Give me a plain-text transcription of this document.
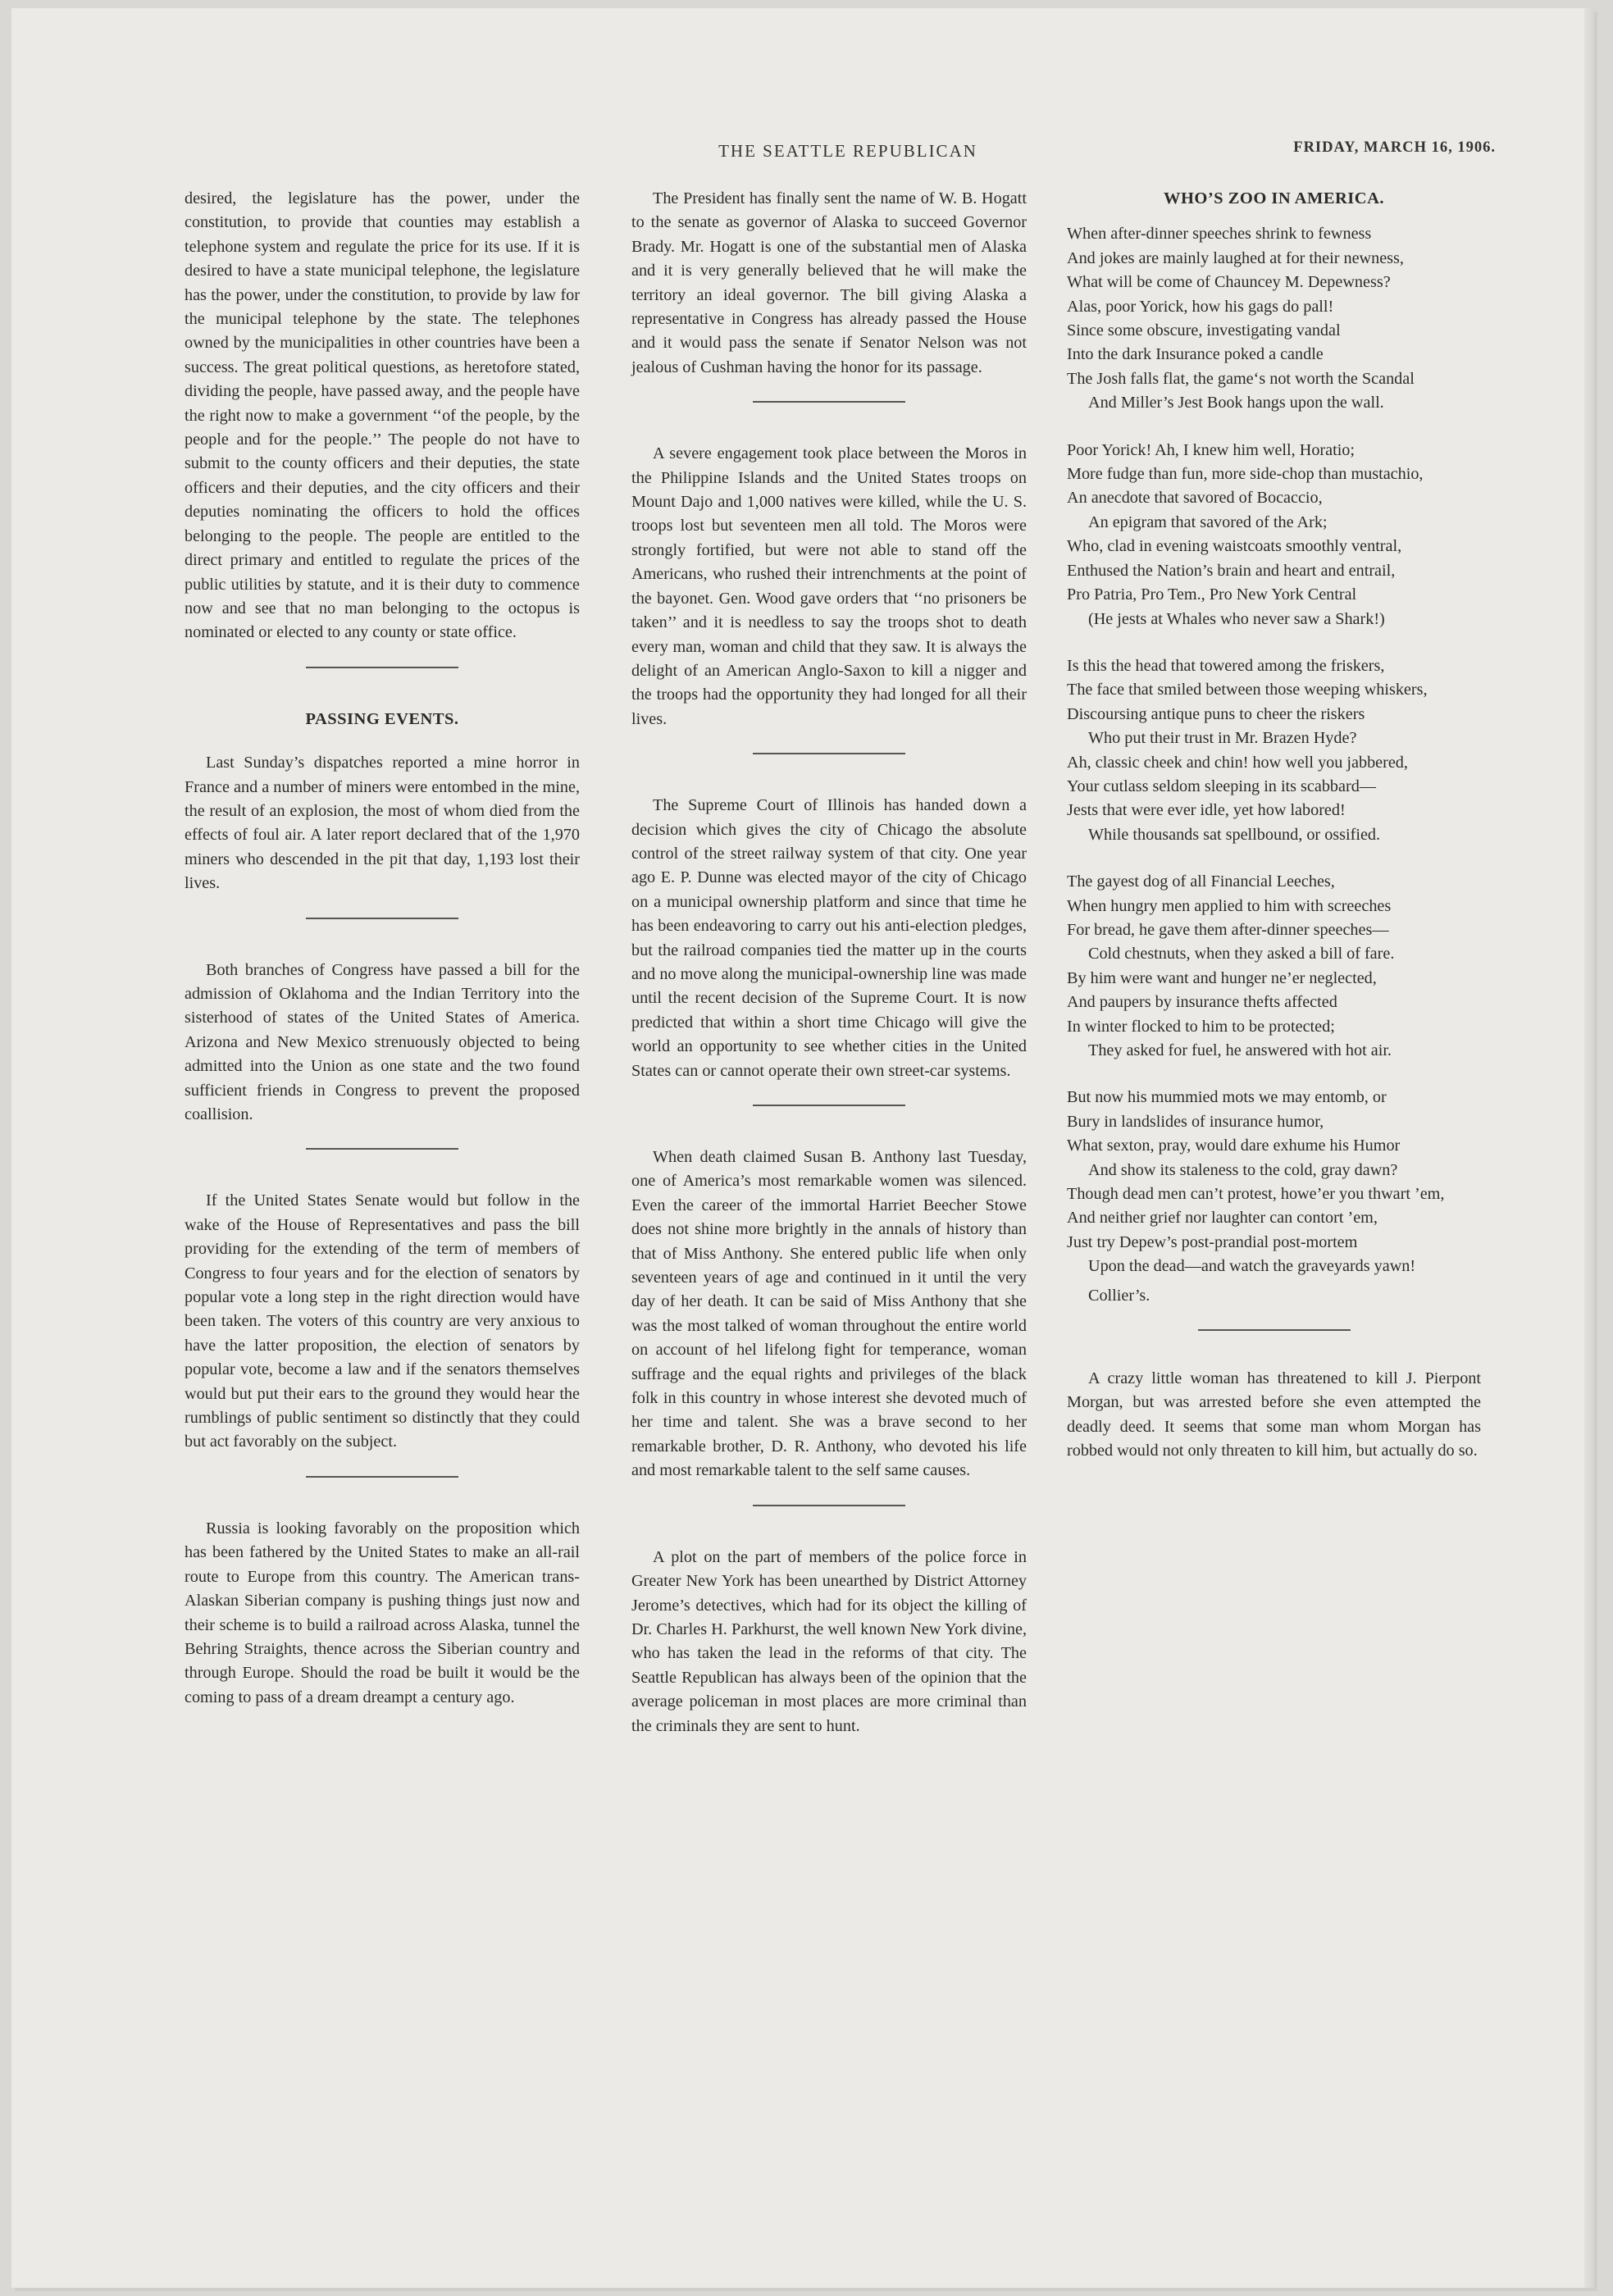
THE SEATTLE REPUBLICAN	FRIDAY, MARCH 16, 1906.

desired, the legislature has the power, under the constitution, to provide that counties may establish a telephone system and regulate the price for its use. If it is desired to have a state municipal telephone, the legislature has the power, under the constitution, to provide by law for the municipal telephone by the state. The telephones owned by the municipalities in other countries have been a success. The great political questions, as heretofore stated, dividing the people, have passed away, and the people have the right now to make a government ‘‘of the people, by the people and for the people.’’ The people do not have to submit to the county officers and their deputies, the state officers and their deputies, and the city officers and their deputies nominating the officers to hold the offices belonging to the people. The people are entitled to the direct primary and entitled to regulate the prices of the public utilities by statute, and it is their duty to commence now and see that no man belonging to the octopus is nominated or elected to any county or state office.

PASSING EVENTS.

Last Sunday’s dispatches reported a mine horror in France and a number of miners were entombed in the mine, the result of an explosion, the most of whom died from the effects of foul air. A later report declared that of the 1,970 miners who descended in the pit that day, 1,193 lost their lives.

Both branches of Congress have passed a bill for the admission of Oklahoma and the Indian Territory into the sisterhood of states of the United States of America. Arizona and New Mexico strenuously objected to being admitted into the Union as one state and the two found sufficient friends in Congress to prevent the proposed coallision.

If the United States Senate would but follow in the wake of the House of Representatives and pass the bill providing for the extending of the term of members of Congress to four years and for the election of senators by popular vote a long step in the right direction would have been taken. The voters of this country are very anxious to have the latter proposition, the election of senators by popular vote, become a law and if the senators themselves would but put their ears to the ground they would hear the rumblings of public sentiment so distinctly that they could but act favorably on the subject.

Russia is looking favorably on the proposition which has been fathered by the United States to make an all-rail route to Europe from this country. The American trans-Alaskan Siberian company is pushing things just now and their scheme is to build a railroad across Alaska, tunnel the Behring Straights, thence across the Siberian country and through Europe. Should the road be built it would be the coming to pass of a dream dreampt a century ago.

The President has finally sent the name of W. B. Hogatt to the senate as governor of Alaska to succeed Governor Brady. Mr. Hogatt is one of the substantial men of Alaska and it is very generally believed that he will make the territory an ideal governor. The bill giving Alaska a representative in Congress has already passed the House and it would pass the senate if Senator Nelson was not jealous of Cushman having the honor for its passage.

A severe engagement took place between the Moros in the Philippine Islands and the United States troops on Mount Dajo and 1,000 natives were killed, while the U. S. troops lost but seventeen men all told. The Moros were strongly fortified, but were not able to stand off the Americans, who rushed their intrenchments at the point of the bayonet. Gen. Wood gave orders that ‘‘no prisoners be taken’’ and it is needless to say the troops shot to death every man, woman and child that they saw. It is always the delight of an American Anglo-Saxon to kill a nigger and the troops had the opportunity they had longed for all their lives.

The Supreme Court of Illinois has handed down a decision which gives the city of Chicago the absolute control of the street railway system of that city. One year ago E. P. Dunne was elected mayor of the city of Chicago on a municipal ownership platform and since that time he has been endeavoring to carry out his anti-election pledges, but the railroad companies tied the matter up in the courts and no move along the municipal-ownership line was made until the recent decision of the Supreme Court. It is now predicted that within a short time Chicago will give the world an opportunity to see whether cities in the United States can or cannot operate their own street-car systems.

When death claimed Susan B. Anthony last Tuesday, one of America’s most remarkable women was silenced. Even the career of the immortal Harriet Beecher Stowe does not shine more brightly in the annals of history than that of Miss Anthony. She entered public life when only seventeen years of age and continued in it until the very day of her death. It can be said of Miss Anthony that she was the most talked of woman throughout the entire world on account of hel lifelong fight for temperance, woman suffrage and the equal rights and privileges of the black folk in this country in whose interest she devoted much of her time and talent. She was a brave second to her remarkable brother, D. R. Anthony, who devoted his life and most remarkable talent to the self same causes.

A plot on the part of members of the police force in Greater New York has been unearthed by District Attorney Jerome’s detectives, which had for its object the killing of Dr. Charles H. Parkhurst, the well known New York divine, who has taken the lead in the reforms of that city. The Seattle Republican has always been of the opinion that the average policeman in most places are more criminal than the criminals they are sent to hunt.

WHO’S ZOO IN AMERICA.
When after-dinner speeches shrink to fewness
And jokes are mainly laughed at for their newness,
What will be come of Chauncey M. Depewness?
Alas, poor Yorick, how his gags do pall!
Since some obscure, investigating vandal
Into the dark Insurance poked a candle
The Josh falls flat, the game‘s not worth the Scandal
And Miller’s Jest Book hangs upon the wall.
Poor Yorick! Ah, I knew him well, Horatio;
More fudge than fun, more side-chop than mustachio,
An anecdote that savored of Bocaccio,
An epigram that savored of the Ark;
Who, clad in evening waistcoats smoothly ventral,
Enthused the Nation’s brain and heart and entrail,
Pro Patria, Pro Tem., Pro New York Central
(He jests at Whales who never saw a Shark!)
Is this the head that towered among the friskers,
The face that smiled between those weeping whiskers,
Discoursing antique puns to cheer the riskers
Who put their trust in Mr. Brazen Hyde?
Ah, classic cheek and chin! how well you jabbered,
Your cutlass seldom sleeping in its scabbard—
Jests that were ever idle, yet how labored!
While thousands sat spellbound, or ossified.
The gayest dog of all Financial Leeches,
When hungry men applied to him with screeches
For bread, he gave them after-dinner speeches—
Cold chestnuts, when they asked a bill of fare.
By him were want and hunger ne’er neglected,
And paupers by insurance thefts affected
In winter flocked to him to be protected;
They asked for fuel, he answered with hot air.
But now his mummied mots we may entomb, or
Bury in landslides of insurance humor,
What sexton, pray, would dare exhume his Humor
And show its staleness to the cold, gray dawn?
Though dead men can’t protest, howe’er you thwart ’em,
And neither grief nor laughter can contort ’em,
Just try Depew’s post-prandial post-mortem
Upon the dead—and watch the graveyards yawn!

Collier’s.

A crazy little woman has threatened to kill J. Pierpont Morgan, but was arrested before she even attempted the deadly deed. It seems that some man whom Morgan has robbed would not only threaten to kill him, but actually do so.
